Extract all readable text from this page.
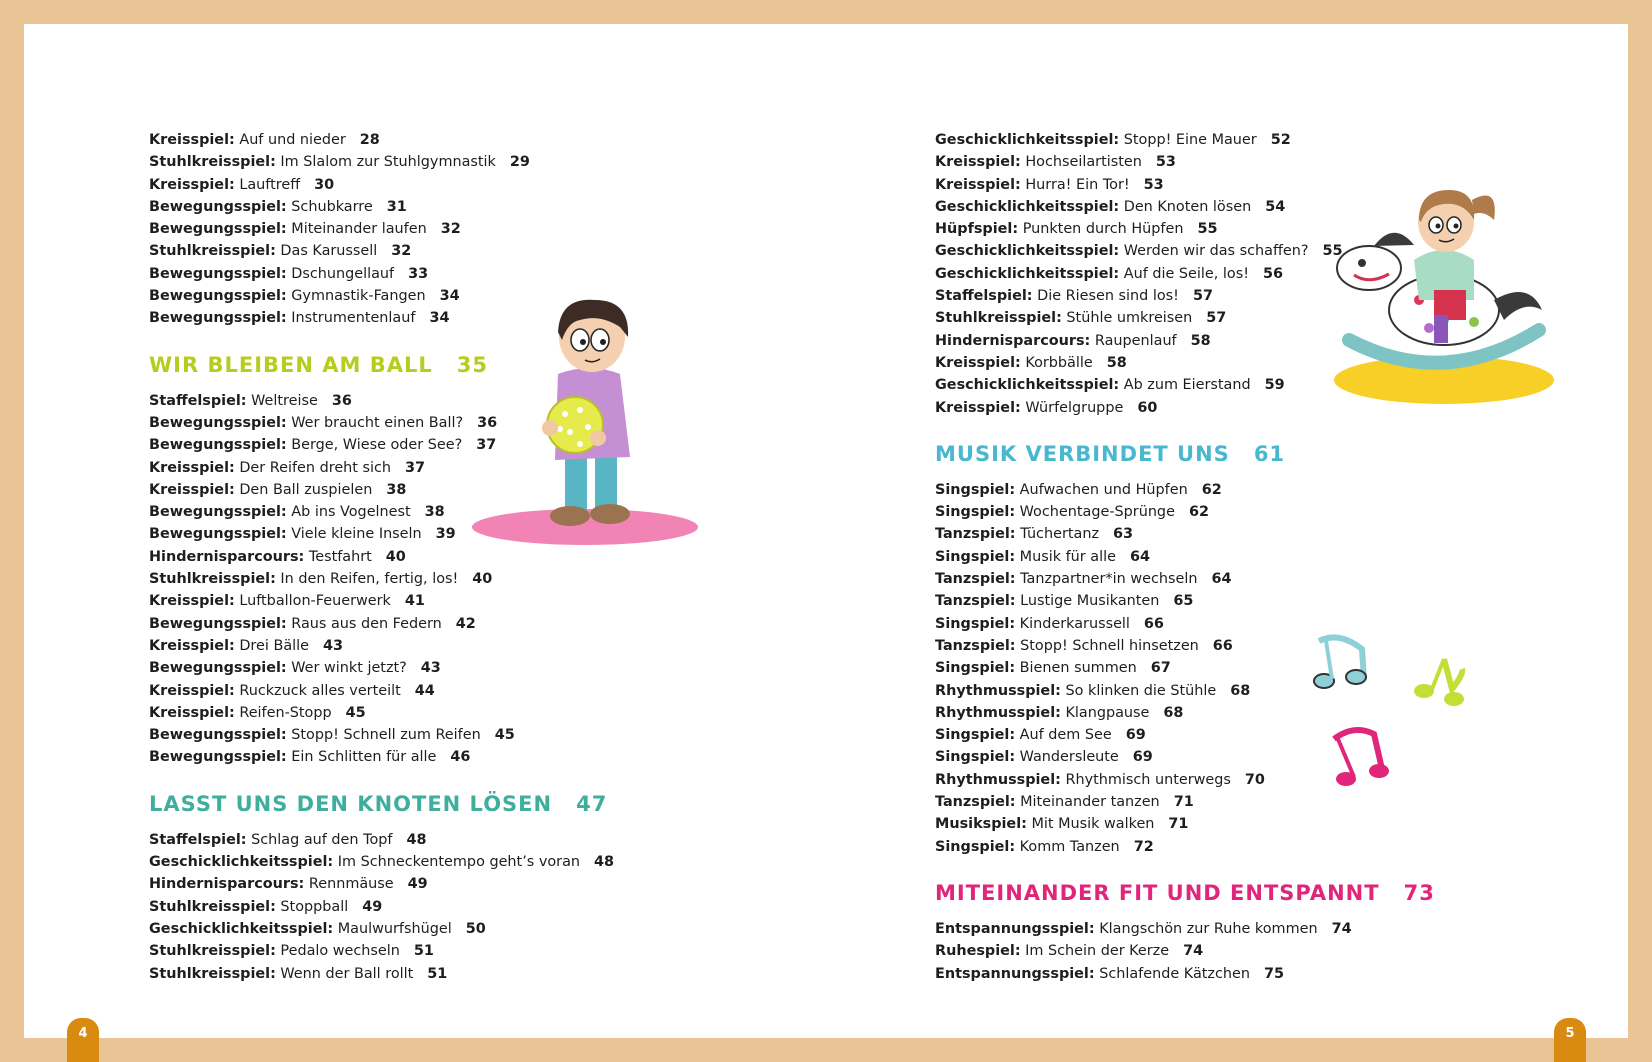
Kreisspiel: Auf und nieder 28
Stuhlkreisspiel: Im Slalom zur Stuhlgymnastik 29
Kreisspiel: Lauftreff 30
Bewegungsspiel: Schubkarre 31
Bewegungsspiel: Miteinander laufen 32
Stuhlkreisspiel: Das Karussell 32
Bewegungsspiel: Dschungellauf 33
Bewegungsspiel: Gymnastik-Fangen 34
Bewegungsspiel: Instrumentenlauf 34
WIR BLEIBEN AM BALL 35
Staffelspiel: Weltreise 36
Bewegungsspiel: Wer braucht einen Ball? 36
Bewegungsspiel: Berge, Wiese oder See? 37
Kreisspiel: Der Reifen dreht sich 37
Kreisspiel: Den Ball zuspielen 38
Bewegungsspiel: Ab ins Vogelnest 38
Bewegungsspiel: Viele kleine Inseln 39
Hindernisparcours: Testfahrt 40
Stuhlkreisspiel: In den Reifen, fertig, los! 40
Kreisspiel: Luftballon-Feuerwerk 41
Bewegungsspiel: Raus aus den Federn 42
Kreisspiel: Drei Bälle 43
Bewegungsspiel: Wer winkt jetzt? 43
Kreisspiel: Ruckzuck alles verteilt 44
Kreisspiel: Reifen-Stopp 45
Bewegungsspiel: Stopp! Schnell zum Reifen 45
Bewegungsspiel: Ein Schlitten für alle 46
LASST UNS DEN KNOTEN LÖSEN 47
Staffelspiel: Schlag auf den Topf 48
Geschicklichkeitsspiel: Im Schneckentempo geht’s voran 48
Hindernisparcours: Rennmäuse 49
Stuhlkreisspiel: Stoppball 49
Geschicklichkeitsspiel: Maulwurfshügel 50
Stuhlkreisspiel: Pedalo wechseln 51
Stuhlkreisspiel: Wenn der Ball rollt 51
Geschicklichkeitsspiel: Stopp! Eine Mauer 52
Kreisspiel: Hochseilartisten 53
Kreisspiel: Hurra! Ein Tor! 53
Geschicklichkeitsspiel: Den Knoten lösen 54
Hüpfspiel: Punkten durch Hüpfen 55
Geschicklichkeitsspiel: Werden wir das schaffen? 55
Geschicklichkeitsspiel: Auf die Seile, los! 56
Staffelspiel: Die Riesen sind los! 57
Stuhlkreisspiel: Stühle umkreisen 57
Hindernisparcours: Raupenlauf 58
Kreisspiel: Korbbälle 58
Geschicklichkeitsspiel: Ab zum Eierstand 59
Kreisspiel: Würfelgruppe 60
MUSIK VERBINDET UNS 61
Singspiel: Aufwachen und Hüpfen 62
Singspiel: Wochentage-Sprünge 62
Tanzspiel: Tüchertanz 63
Singspiel: Musik für alle 64
Tanzspiel: Tanzpartner*in wechseln 64
Tanzspiel: Lustige Musikanten 65
Singspiel: Kinderkarussell 66
Tanzspiel: Stopp! Schnell hinsetzen 66
Singspiel: Bienen summen 67
Rhythmusspiel: So klinken die Stühle 68
Rhythmusspiel: Klangpause 68
Singspiel: Auf dem See 69
Singspiel: Wandersleute 69
Rhythmusspiel: Rhythmisch unterwegs 70
Tanzspiel: Miteinander tanzen 71
Musikspiel: Mit Musik walken 71
Singspiel: Komm Tanzen 72
MITEINANDER FIT UND ENTSPANNT 73
Entspannungsspiel: Klangschön zur Ruhe kommen 74
Ruhespiel: Im Schein der Kerze 74
Entspannungsspiel: Schlafende Kätzchen 75
4	5
